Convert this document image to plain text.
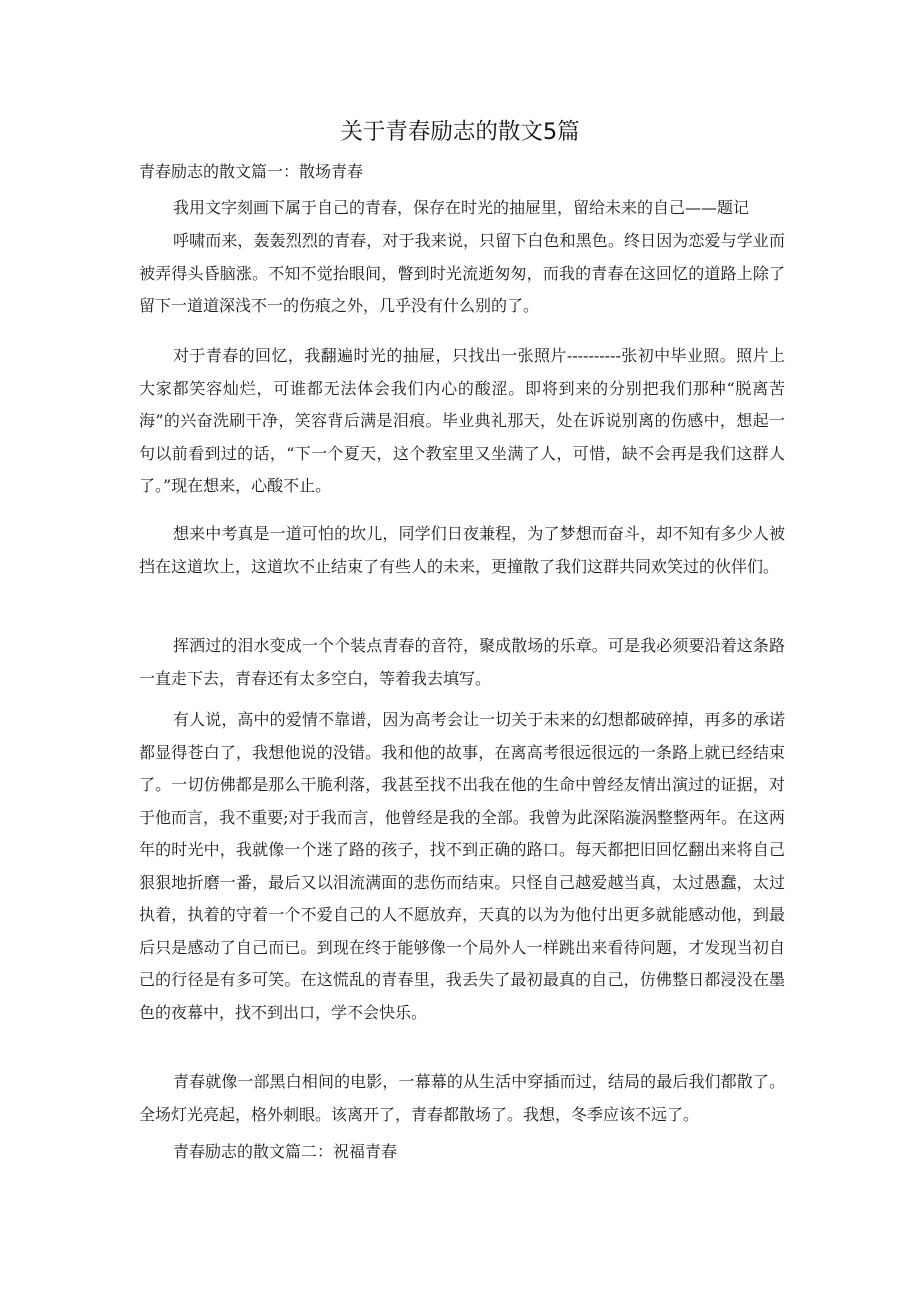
关于青春励志的散文5篇

青春励志的散文篇一：散场青春

我用文字刻画下属于自己的青春，保存在时光的抽屉里，留给未来的自己——题记

呼啸而来，轰轰烈烈的青春，对于我来说，只留下白色和黑色。终日因为恋爱与学业而被弄得头昏脑涨。不知不觉抬眼间，瞥到时光流逝匆匆，而我的青春在这回忆的道路上除了留下一道道深浅不一的伤痕之外，几乎没有什么别的了。

对于青春的回忆，我翻遍时光的抽屉，只找出一张照片----------张初中毕业照。照片上大家都笑容灿烂，可谁都无法体会我们内心的酸涩。即将到来的分别把我们那种“脱离苦海”的兴奋洗刷干净，笑容背后满是泪痕。毕业典礼那天，处在诉说别离的伤感中，想起一句以前看到过的话，“下一个夏天，这个教室里又坐满了人，可惜，缺不会再是我们这群人了。”现在想来，心酸不止。

想来中考真是一道可怕的坎儿，同学们日夜兼程，为了梦想而奋斗，却不知有多少人被挡在这道坎上，这道坎不止结束了有些人的未来，更撞散了我们这群共同欢笑过的伙伴们。

挥洒过的泪水变成一个个装点青春的音符，聚成散场的乐章。可是我必须要沿着这条路一直走下去，青春还有太多空白，等着我去填写。

有人说，高中的爱情不靠谱，因为高考会让一切关于未来的幻想都破碎掉，再多的承诺都显得苍白了，我想他说的没错。我和他的故事，在离高考很远很远的一条路上就已经结束了。一切仿佛都是那么干脆利落，我甚至找不出我在他的生命中曾经友情出演过的证据，对于他而言，我不重要;对于我而言，他曾经是我的全部。我曾为此深陷漩涡整整两年。在这两年的时光中，我就像一个迷了路的孩子，找不到正确的路口。每天都把旧回忆翻出来将自己狠狠地折磨一番，最后又以泪流满面的悲伤而结束。只怪自己越爱越当真，太过愚蠢，太过执着，执着的守着一个不爱自己的人不愿放弃，天真的以为为他付出更多就能感动他，到最后只是感动了自己而已。到现在终于能够像一个局外人一样跳出来看待问题，才发现当初自己的行径是有多可笑。在这慌乱的青春里，我丢失了最初最真的自己，仿佛整日都浸没在墨色的夜幕中，找不到出口，学不会快乐。

青春就像一部黑白相间的电影，一幕幕的从生活中穿插而过，结局的最后我们都散了。全场灯光亮起，格外刺眼。该离开了，青春都散场了。我想，冬季应该不远了。

青春励志的散文篇二：祝福青春
